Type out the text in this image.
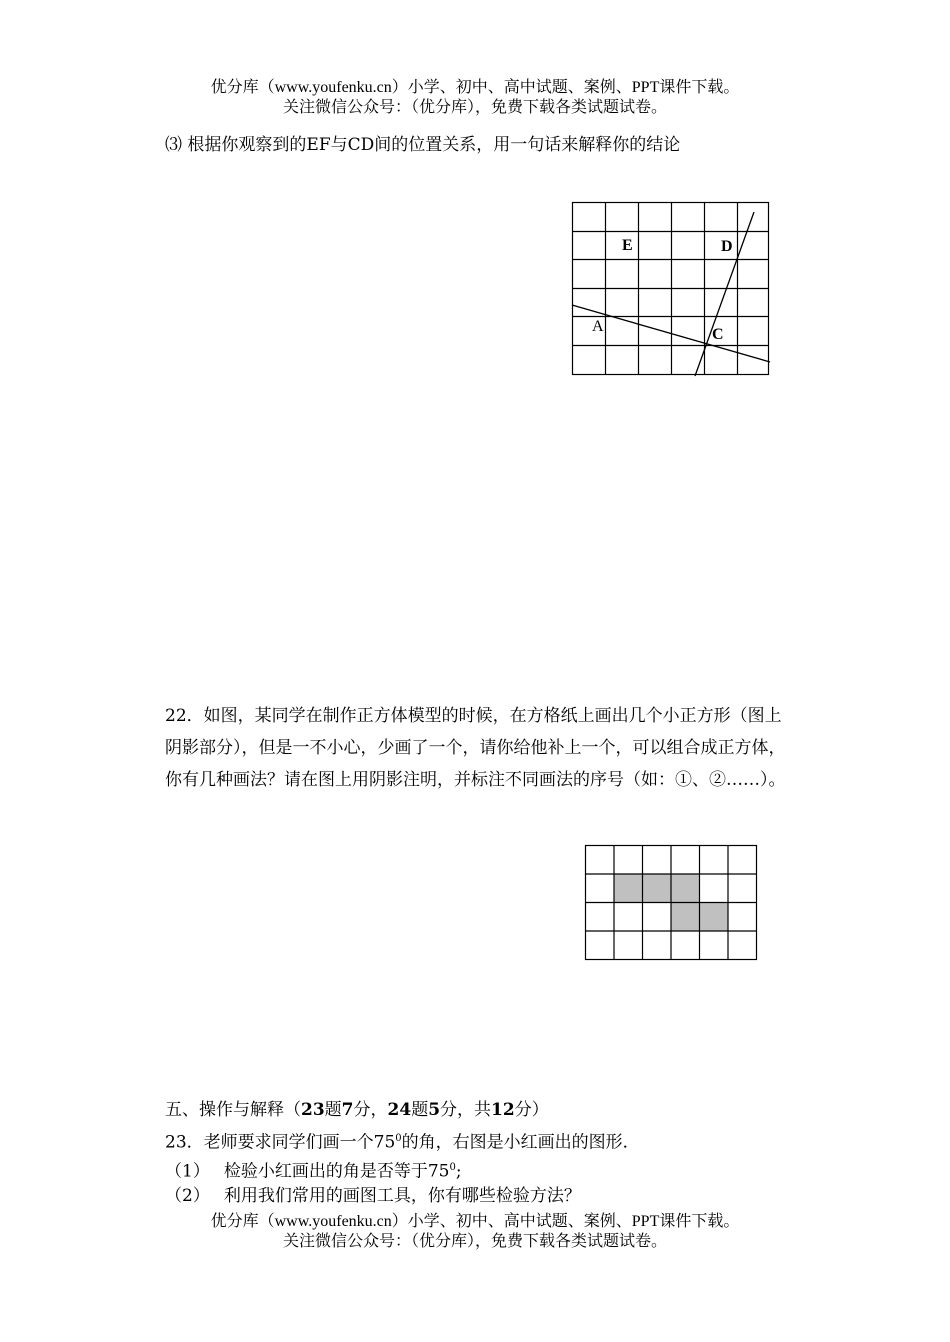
优分库（www.youfenku.cn）小学、初中、高中试题、案例、PPT课件下载。
关注微信公众号：（优分库），免费下载各类试题试卷。
⑶ 根据你观察到的EF与CD间的位置关系，用一句话来解释你的结论
E	D
A	C
22．如图，某同学在制作正方体模型的时候，在方格纸上画出几个小正方形（图上阴影部分），但是一不小心，少画了一个，请你给他补上一个，可以组合成正方体，你有几种画法？请在图上用阴影注明，并标注不同画法的序号（如：①、②……）。
五、操作与解释（23题7分，24题5分，共12分）
23．老师要求同学们画一个$75^0$的角，右图是小红画出的图形．
（1） 检验小红画出的角是否等于$75^0$;
（2） 利用我们常用的画图工具，你有哪些检验方法？
优分库（www.youfenku.cn）小学、初中、高中试题、案例、PPT课件下载。
关注微信公众号：（优分库），免费下载各类试题试卷。
